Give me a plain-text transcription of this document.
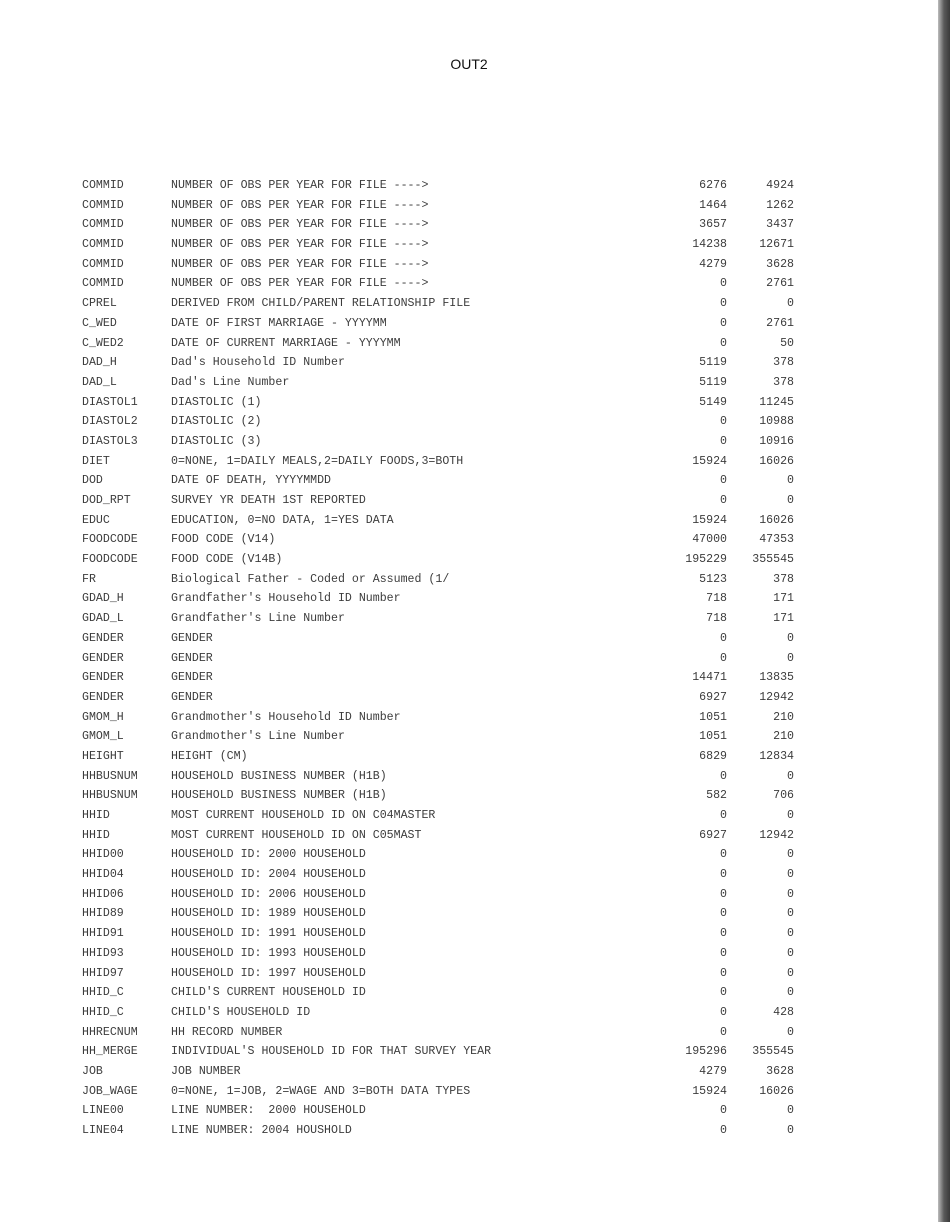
OUT2
COMMID	NUMBER OF OBS PER YEAR FOR FILE ---->	6276	4924
COMMID	NUMBER OF OBS PER YEAR FOR FILE ---->	1464	1262
COMMID	NUMBER OF OBS PER YEAR FOR FILE ---->	3657	3437
COMMID	NUMBER OF OBS PER YEAR FOR FILE ---->	14238	12671
COMMID	NUMBER OF OBS PER YEAR FOR FILE ---->	4279	3628
COMMID	NUMBER OF OBS PER YEAR FOR FILE ---->	0	2761
CPREL	DERIVED FROM CHILD/PARENT RELATIONSHIP FILE	0	0
C_WED	DATE OF FIRST MARRIAGE - YYYYMM	0	2761
C_WED2	DATE OF CURRENT MARRIAGE - YYYYMM	0	50
DAD_H	Dad's Household ID Number	5119	378
DAD_L	Dad's Line Number	5119	378
DIASTOL1	DIASTOLIC (1)	5149	11245
DIASTOL2	DIASTOLIC (2)	0	10988
DIASTOL3	DIASTOLIC (3)	0	10916
DIET	0=NONE, 1=DAILY MEALS,2=DAILY FOODS,3=BOTH	15924	16026
DOD	DATE OF DEATH, YYYYMMDD	0	0
DOD_RPT	SURVEY YR DEATH 1ST REPORTED	0	0
EDUC	EDUCATION, 0=NO DATA, 1=YES DATA	15924	16026
FOODCODE	FOOD CODE (V14)	47000	47353
FOODCODE	FOOD CODE (V14B)	195229 355545
FR	Biological Father - Coded or Assumed (1/	5123	378
GDAD_H	Grandfather's Household ID Number	718	171
GDAD_L	Grandfather's Line Number	718	171
GENDER	GENDER	0	0
GENDER	GENDER	0	0
GENDER	GENDER	14471	13835
GENDER	GENDER	6927	12942
GMOM_H	Grandmother's Household ID Number	1051	210
GMOM_L	Grandmother's Line Number	1051	210
HEIGHT	HEIGHT (CM)	6829	12834
HHBUSNUM	HOUSEHOLD BUSINESS NUMBER (H1B)	0	0
HHBUSNUM	HOUSEHOLD BUSINESS NUMBER (H1B)	582	706
HHID	MOST CURRENT HOUSEHOLD ID ON C04MASTER	0	0
HHID	MOST CURRENT HOUSEHOLD ID ON C05MAST	6927	12942
HHID00	HOUSEHOLD ID: 2000 HOUSEHOLD	0	0
HHID04	HOUSEHOLD ID: 2004 HOUSEHOLD	0	0
HHID06	HOUSEHOLD ID: 2006 HOUSEHOLD	0	0
HHID89	HOUSEHOLD ID: 1989 HOUSEHOLD	0	0
HHID91	HOUSEHOLD ID: 1991 HOUSEHOLD	0	0
HHID93	HOUSEHOLD ID: 1993 HOUSEHOLD	0	0
HHID97	HOUSEHOLD ID: 1997 HOUSEHOLD	0	0
HHID_C	CHILD'S CURRENT HOUSEHOLD ID	0	0
HHID_C	CHILD'S HOUSEHOLD ID	0	428
HHRECNUM	HH RECORD NUMBER	0	0
HH_MERGE	INDIVIDUAL'S HOUSEHOLD ID FOR THAT SURVEY YEAR	195296 355545
JOB	JOB NUMBER	4279	3628
JOB_WAGE	0=NONE, 1=JOB, 2=WAGE AND 3=BOTH DATA TYPES	15924	16026
LINE00	LINE NUMBER:  2000 HOUSEHOLD	0	0
LINE04	LINE NUMBER: 2004 HOUSHOLD	0	0
